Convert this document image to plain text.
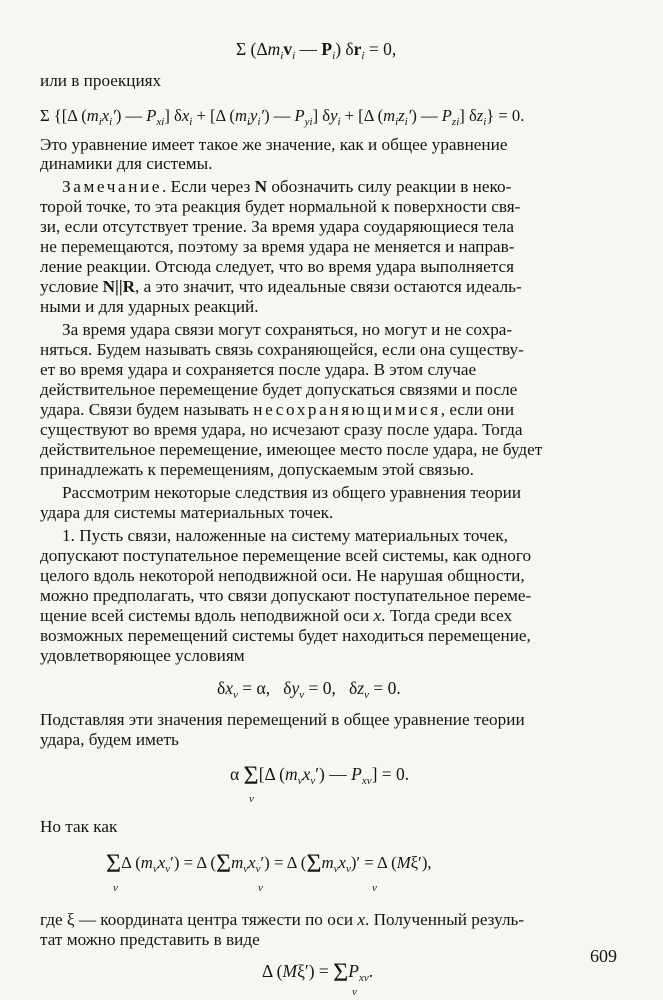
Σ ($\Delta m_iv_i$ — $P_i$) $\delta r_i = 0$,
или в проекциях
Σ {[Δ $(m_ix_i')$ — $P_{xi}$] $\delta x_i + [\Delta$ $(m_iy_i')$ — $P_{yi}$] $\delta y_i + [\Delta$ $(m_iz_i')$ — $P_{zi}$] $\delta z_i\} = 0$.
Это уравнение имеет такое же значение, как и общее уравнение
динамики для системы.
Замечание. Если через N обозначить силу реакции в неко-
торой точке, то эта реакция будет нормальной к поверхности свя-
зи, если отсутствует трение. За время удара соударяющиеся тела
не перемещаются, поэтому за время удара не меняется и направ-
ление реакции. Отсюда следует, что во время удара выполняется
условие N||R, а это значит, что идеальные связи остаются идеаль-
ными и для ударных реакций.
За время удара связи могут сохраняться, но могут и не сохра-
няться. Будем называть связь сохраняющейся, если она существу-
ет во время удара и сохраняется после удара. В этом случае
действительное перемещение будет допускаться связями и после
удара. Связи будем называть несохраняющимися, если они
существуют во время удара, но исчезают сразу после удара. Тогда
действительное перемещение, имеющее место после удара, не будет
принадлежать к перемещениям, допускаемым этой связью.
Рассмотрим некоторые следствия из общего уравнения теории
удара для системы материальных точек.
1. Пусть связи, наложенные на систему материальных точек,
допускают поступательное перемещение всей системы, как одного
целого вдоль некоторой неподвижной оси. Не нарушая общности,
можно предполагать, что связи допускают поступательное переме-
щение всей системы вдоль неподвижной оси x. Тогда среди всех
возможных перемещений системы будет находиться перемещение,
удовлетворяющее условиям
$\delta x_\nu = \alpha$,   $\delta y_\nu = 0$,   $\delta z_\nu = 0$.
Подставляя эти значения перемещений в общее уравнение теории
удара, будем иметь
α Σ[Δ $(m_\nu x_\nu')$ — $P_{x\nu}] = 0$.
ν
Но так как
ΣΔ $(m_\nu x_\nu') = \Delta$ $(\Sigma m_\nu x_\nu') = \Delta$ $(\Sigma m_\nu x_\nu)' = \Delta$ (Mξ′),
ν	ν	ν
где ξ — координата центра тяжести по оси x. Полученный резуль-
тат можно представить в виде
Δ $(M\xi') = \Sigma P_{x\nu}$.
ν
609
